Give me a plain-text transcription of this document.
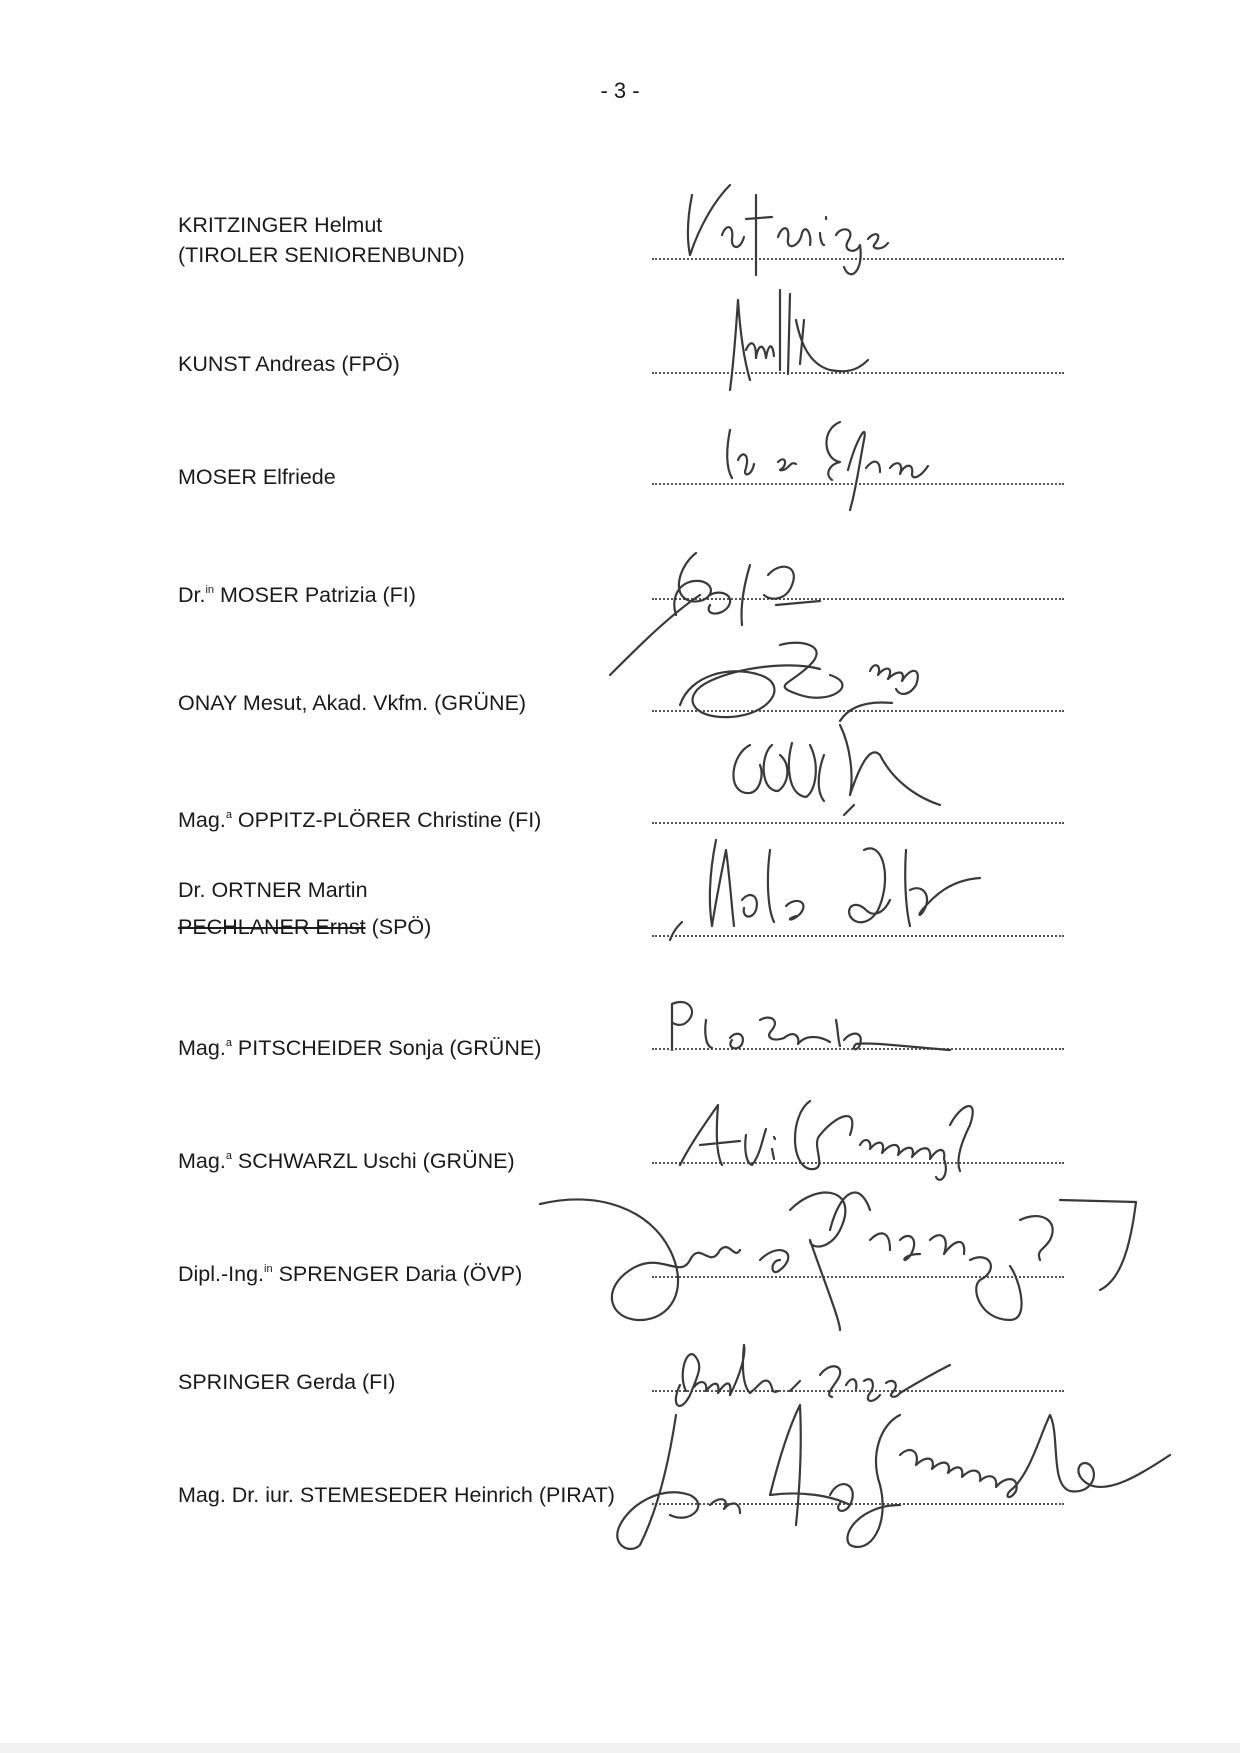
- 3 -
KRITZINGER Helmut
(TIROLER SENIORENBUND)
KUNST Andreas (FPÖ)
MOSER Elfriede
Dr.$^{in}$ MOSER Patrizia (FI)
ONAY Mesut, Akad. Vkfm. (GRÜNE)
Mag.$^a$ OPPITZ-PLÖRER Christine (FI)
Dr. ORTNER Martin
PECHLANER Ernst (SPÖ)
Mag.$^a$ PITSCHEIDER Sonja (GRÜNE)
Mag.$^a$ SCHWARZL Uschi (GRÜNE)
Dipl.-Ing.$^{in}$ SPRENGER Daria (ÖVP)
SPRINGER Gerda (FI)
Mag. Dr. iur. STEMESEDER Heinrich (PIRAT)
